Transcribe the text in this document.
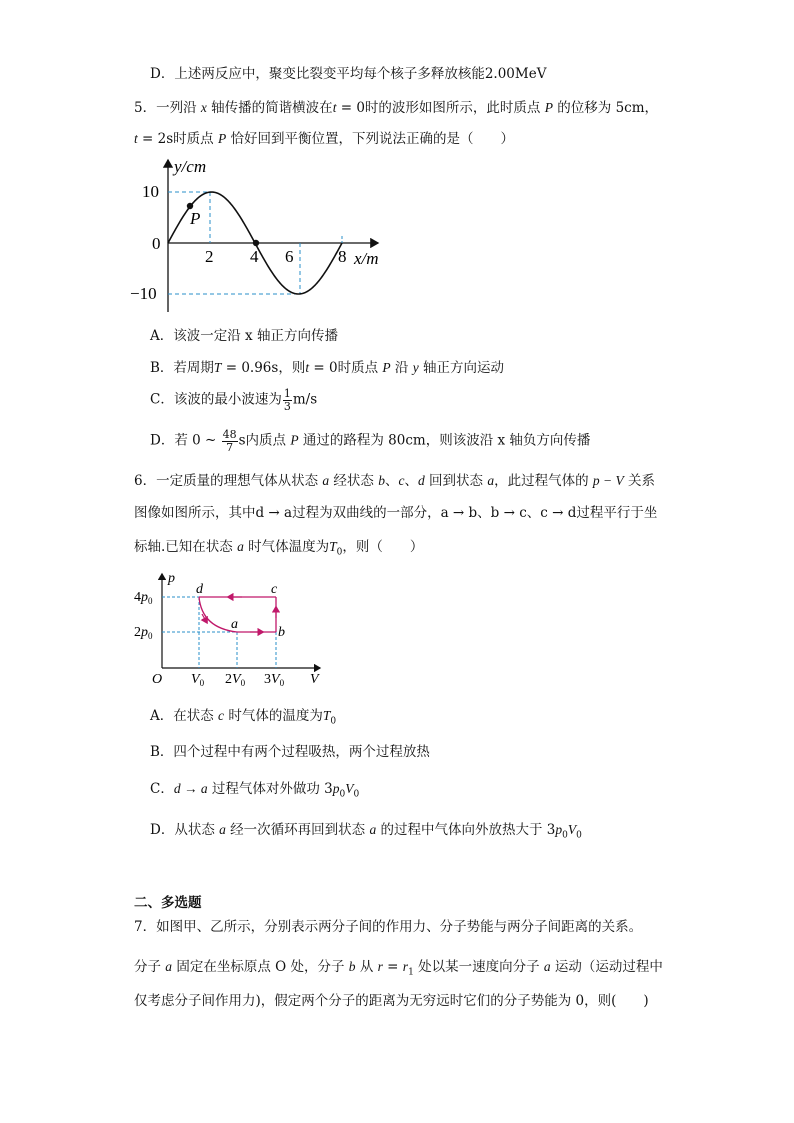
D．上述两反应中，聚变比裂变平均每个核子多释放核能2.00MeV
5．一列沿 x 轴传播的简谐横波在t = 0时的波形如图所示，此时质点 P 的位移为 5cm，
t = 2s时质点 P 恰好回到平衡位置，下列说法正确的是（　　）
y/cm
10
0
−10
2 4 6	8 x/m
P
A．该波一定沿 x 轴正方向传播
B．若周期T = 0.96s，则t = 0时质点 P 沿 y 轴正方向运动
C．该波的最小波速为 $\frac{1}{3} m/s$
D．若 0 ~ $\frac{48}{7}$ s内质点 P 通过的路程为 80cm，则该波沿 x 轴负方向传播
6．一定质量的理想气体从状态 a 经状态 b、c、d 回到状态 a，此过程气体的 p − V 关系
图像如图所示，其中d → a过程为双曲线的一部分，a → b、b → c、c → d过程平行于坐
标轴.已知在状态 a 时气体温度为$T_0$，则（　　）
p
V
O
$4p_0$
$2p_0$
$V_0$ $2V_0$ $3V_0$
a
b
c
d
A．在状态 c 时气体的温度为$T_0$
B．四个过程中有两个过程吸热，两个过程放热
C．d → a 过程气体对外做功 $3p_0V_0$
D．从状态 a 经一次循环再回到状态 a 的过程中气体向外放热大于 $3p_0V_0$
二、多选题
7．如图甲、乙所示，分别表示两分子间的作用力、分子势能与两分子间距离的关系。
分子 a 固定在坐标原点 O 处，分子 b 从 $r = r_1$ 处以某一速度向分子 a 运动（运动过程中
仅考虑分子间作用力)，假定两个分子的距离为无穷远时它们的分子势能为 0，则(　　)
